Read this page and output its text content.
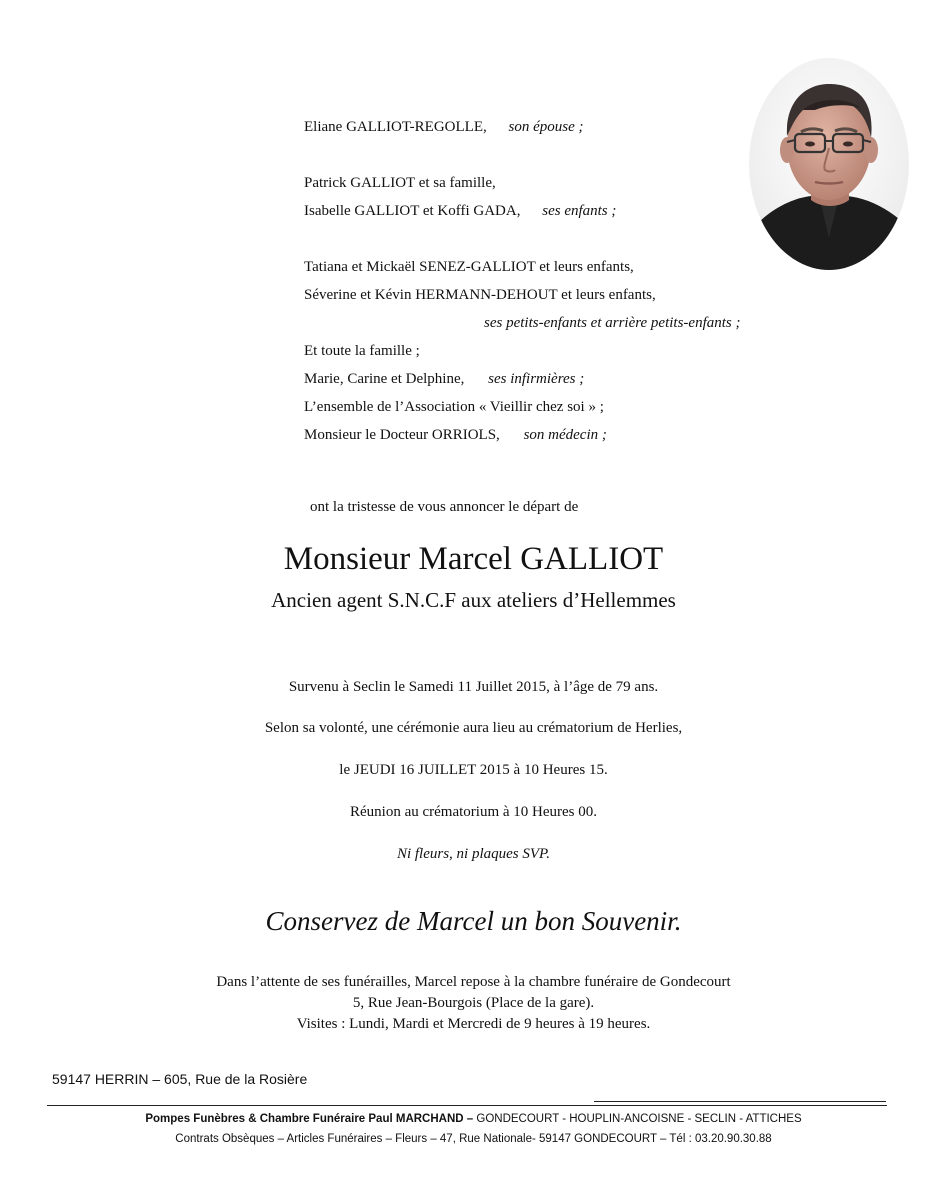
Eliane GALLIOT-REGOLLE, son épouse ;
Patrick GALLIOT et sa famille,
Isabelle GALLIOT et Koffi GADA, ses enfants ;
Tatiana et Mickaël SENEZ-GALLIOT et leurs enfants,
Séverine et Kévin HERMANN-DEHOUT et leurs enfants,
ses petits-enfants et arrière petits-enfants ;
Et toute la famille ;
Marie, Carine et Delphine, ses infirmières ;
L’ensemble de l’Association « Vieillir chez soi » ;
Monsieur le Docteur ORRIOLS, son médecin ;
ont la tristesse de vous annoncer le départ de
Monsieur Marcel GALLIOT
Ancien agent S.N.C.F aux ateliers d’Hellemmes
Survenu à Seclin le Samedi 11 Juillet 2015, à l’âge de 79 ans.
Selon sa volonté, une cérémonie aura lieu au crématorium de Herlies,
le JEUDI 16 JUILLET 2015 à 10 Heures 15.
Réunion au crématorium à 10 Heures 00.
Ni fleurs, ni plaques SVP.
Conservez de Marcel un bon Souvenir.
Dans l’attente de ses funérailles, Marcel repose à la chambre funéraire de Gondecourt
5, Rue Jean-Bourgois (Place de la gare).
Visites : Lundi, Mardi et Mercredi de 9 heures à 19 heures.
59147 HERRIN – 605, Rue de la Rosière
Pompes Funèbres & Chambre Funéraire Paul MARCHAND – GONDECOURT - HOUPLIN-ANCOISNE - SECLIN - ATTICHES
Contrats Obsèques – Articles Funéraires – Fleurs – 47, Rue Nationale- 59147 GONDECOURT – Tél : 03.20.90.30.88
